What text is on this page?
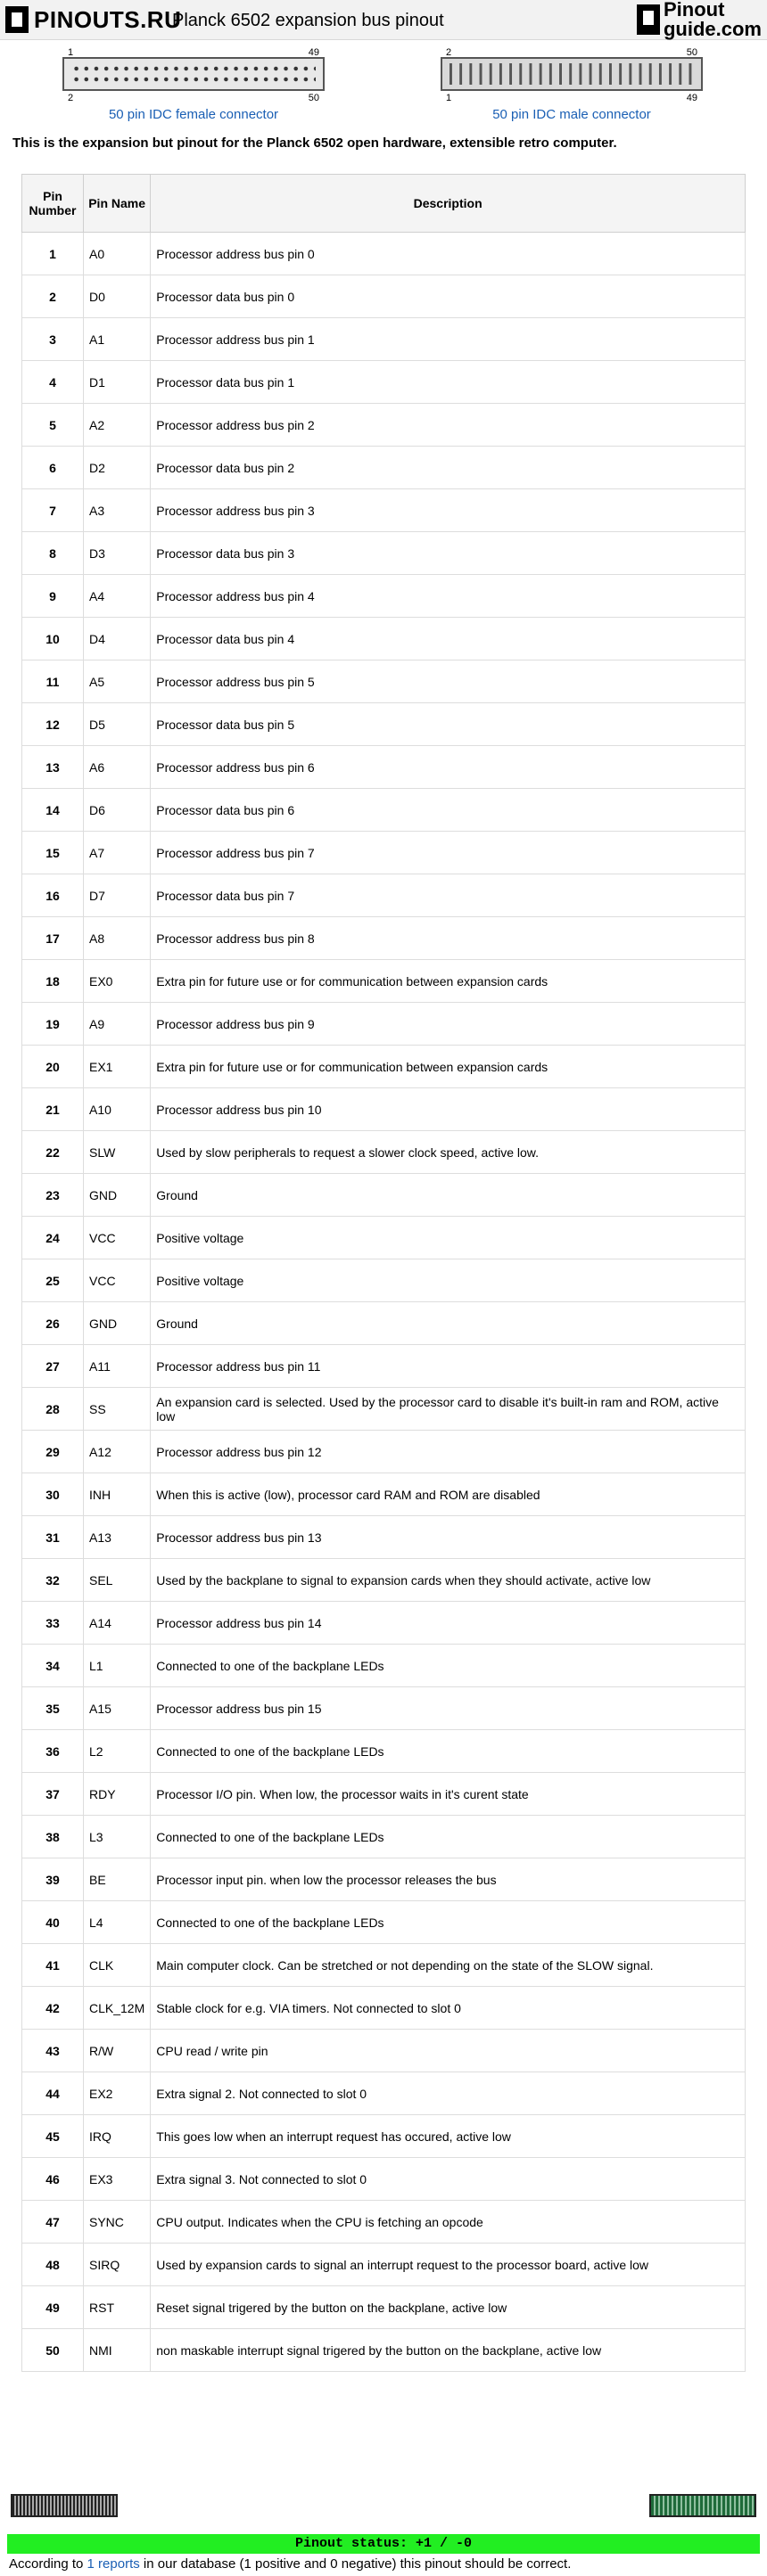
PINOUTS.RU
Planck 6502 expansion bus pinout	Pinout
guide.com
1	49
2	50
50 pin IDC female connector
2	50
1	49
50 pin IDC male connector
This is the expansion but pinout for the Planck 6502 open hardware, extensible retro computer.
Pin Number	Pin Name	Description
1	A0	Processor address bus pin 0
2	D0	Processor data bus pin 0
3	A1	Processor address bus pin 1
4	D1	Processor data bus pin 1
5	A2	Processor address bus pin 2
6	D2	Processor data bus pin 2
7	A3	Processor address bus pin 3
8	D3	Processor data bus pin 3
9	A4	Processor address bus pin 4
10	D4	Processor data bus pin 4
11	A5	Processor address bus pin 5
12	D5	Processor data bus pin 5
13	A6	Processor address bus pin 6
14	D6	Processor data bus pin 6
15	A7	Processor address bus pin 7
16	D7	Processor data bus pin 7
17	A8	Processor address bus pin 8
18	EX0	Extra pin for future use or for communication between expansion cards
19	A9	Processor address bus pin 9
20	EX1	Extra pin for future use or for communication between expansion cards
21	A10	Processor address bus pin 10
22	SLW	Used by slow peripherals to request a slower clock speed, active low.
23	GND	Ground
24	VCC	Positive voltage
25	VCC	Positive voltage
26	GND	Ground
27	A11	Processor address bus pin 11
28	SS	An expansion card is selected. Used by the processor card to disable it's built-in ram and ROM, active low
29	A12	Processor address bus pin 12
30	INH	When this is active (low), processor card RAM and ROM are disabled
31	A13	Processor address bus pin 13
32	SEL	Used by the backplane to signal to expansion cards when they should activate, active low
33	A14	Processor address bus pin 14
34	L1	Connected to one of the backplane LEDs
35	A15	Processor address bus pin 15
36	L2	Connected to one of the backplane LEDs
37	RDY	Processor I/O pin. When low, the processor waits in it's curent state
38	L3	Connected to one of the backplane LEDs
39	BE	Processor input pin. when low the processor releases the bus
40	L4	Connected to one of the backplane LEDs
41	CLK	Main computer clock. Can be stretched or not depending on the state of the SLOW signal.
42	CLK_12M	Stable clock for e.g. VIA timers. Not connected to slot 0
43	R/W	CPU read / write pin
44	EX2	Extra signal 2. Not connected to slot 0
45	IRQ	This goes low when an interrupt request has occured, active low
46	EX3	Extra signal 3. Not connected to slot 0
47	SYNC	CPU output. Indicates when the CPU is fetching an opcode
48	SIRQ	Used by expansion cards to signal an interrupt request to the processor board, active low
49	RST	Reset signal trigered by the button on the backplane, active low
50	NMI	non maskable interrupt signal trigered by the button on the backplane, active low
Pinout status: +1 / -0
According to 1 reports in our database (1 positive and 0 negative) this pinout should be correct.
